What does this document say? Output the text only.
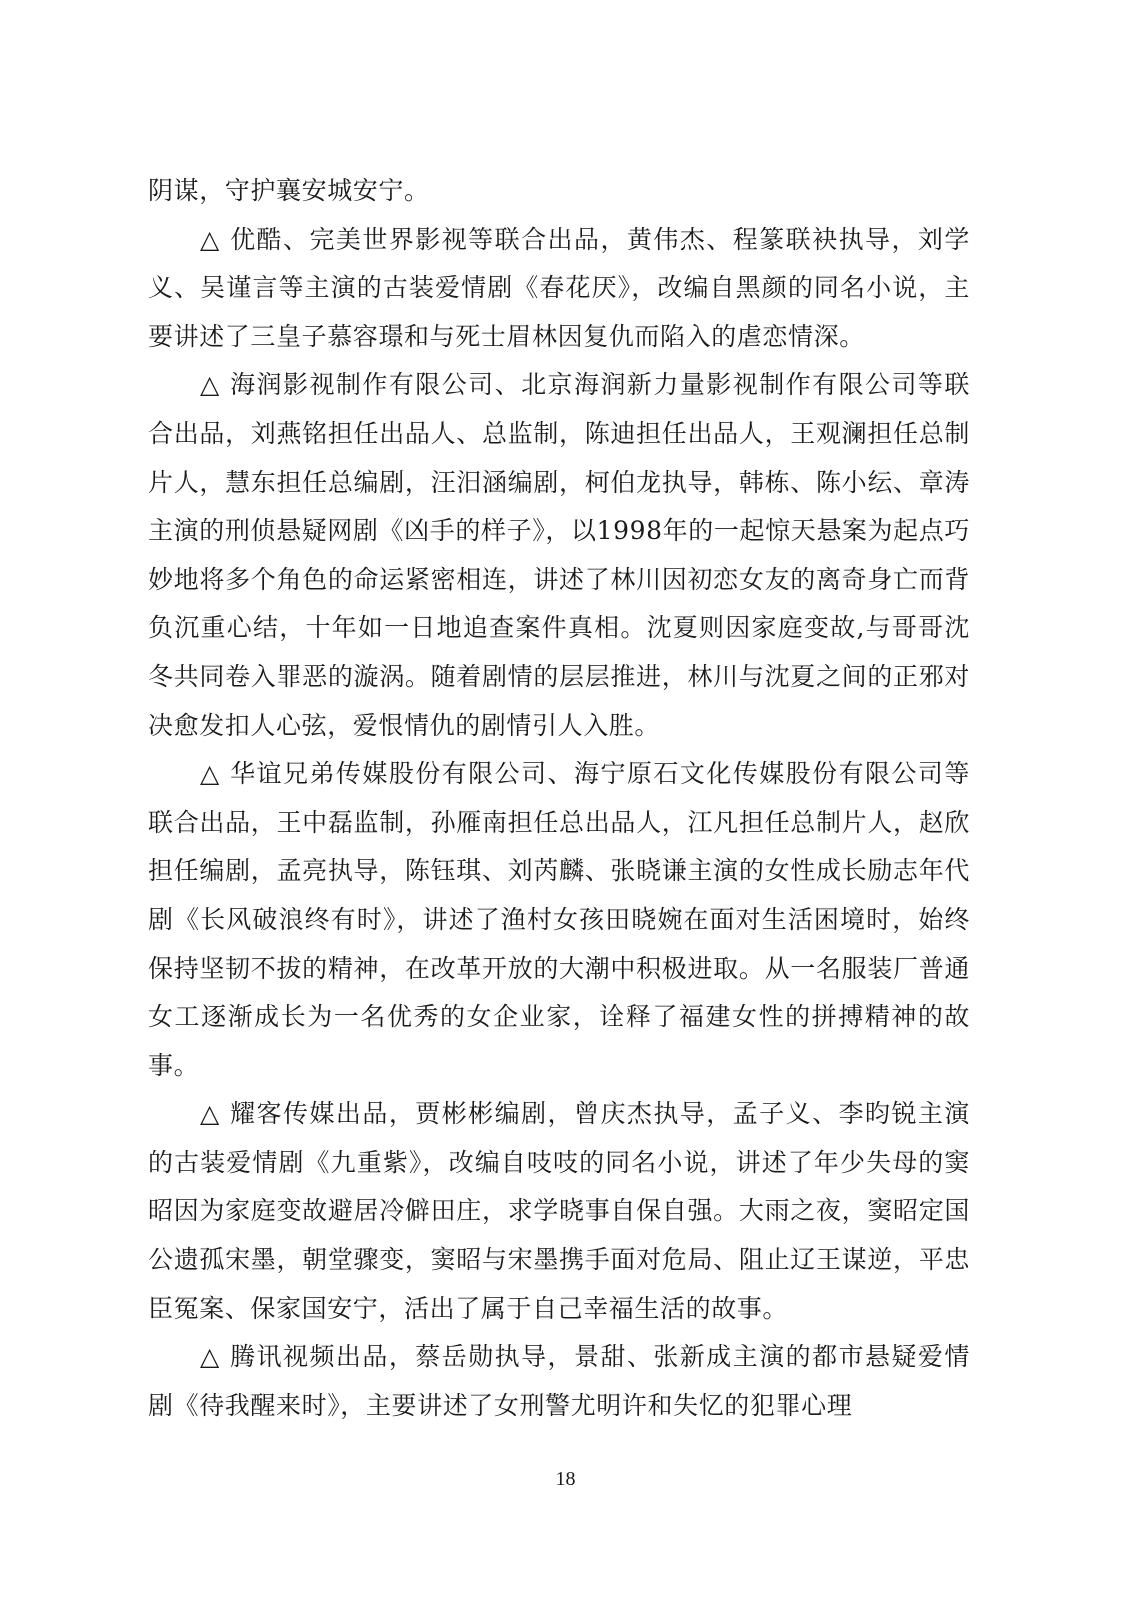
阴谋，守护襄安城安宁。

△ 优酷、完美世界影视等联合出品，黄伟杰、程篆联袂执导，刘学义、吴谨言等主演的古装爱情剧《春花厌》，改编自黑颜的同名小说，主要讲述了三皇子慕容璟和与死士眉林因复仇而陷入的虐恋情深。

△ 海润影视制作有限公司、北京海润新力量影视制作有限公司等联合出品，刘燕铭担任出品人、总监制，陈迪担任出品人，王观澜担任总制片人，慧东担任总编剧，汪汨涵编剧，柯伯龙执导，韩栋、陈小纭、章涛主演的刑侦悬疑网剧《凶手的样子》，以1998年的一起惊天悬案为起点巧妙地将多个角色的命运紧密相连，讲述了林川因初恋女友的离奇身亡而背负沉重心结，十年如一日地追查案件真相。沈夏则因家庭变故,与哥哥沈冬共同卷入罪恶的漩涡。随着剧情的层层推进，林川与沈夏之间的正邪对决愈发扣人心弦，爱恨情仇的剧情引人入胜。

△ 华谊兄弟传媒股份有限公司、海宁原石文化传媒股份有限公司等联合出品，王中磊监制，孙雁南担任总出品人，江凡担任总制片人，赵欣担任编剧，孟亮执导，陈钰琪、刘芮麟、张晓谦主演的女性成长励志年代剧《长风破浪终有时》，讲述了渔村女孩田晓婉在面对生活困境时，始终保持坚韧不拔的精神，在改革开放的大潮中积极进取。从一名服装厂普通女工逐渐成长为一名优秀的女企业家，诠释了福建女性的拼搏精神的故事。

△ 耀客传媒出品，贾彬彬编剧，曾庆杰执导，孟子义、李昀锐主演的古装爱情剧《九重紫》，改编自吱吱的同名小说，讲述了年少失母的窦昭因为家庭变故避居冷僻田庄，求学晓事自保自强。大雨之夜，窦昭定国公遗孤宋墨，朝堂骤变，窦昭与宋墨携手面对危局、阻止辽王谋逆，平忠臣冤案、保家国安宁，活出了属于自己幸福生活的故事。

△ 腾讯视频出品，蔡岳勋执导，景甜、张新成主演的都市悬疑爱情剧《待我醒来时》，主要讲述了女刑警尤明许和失忆的犯罪心理

18
